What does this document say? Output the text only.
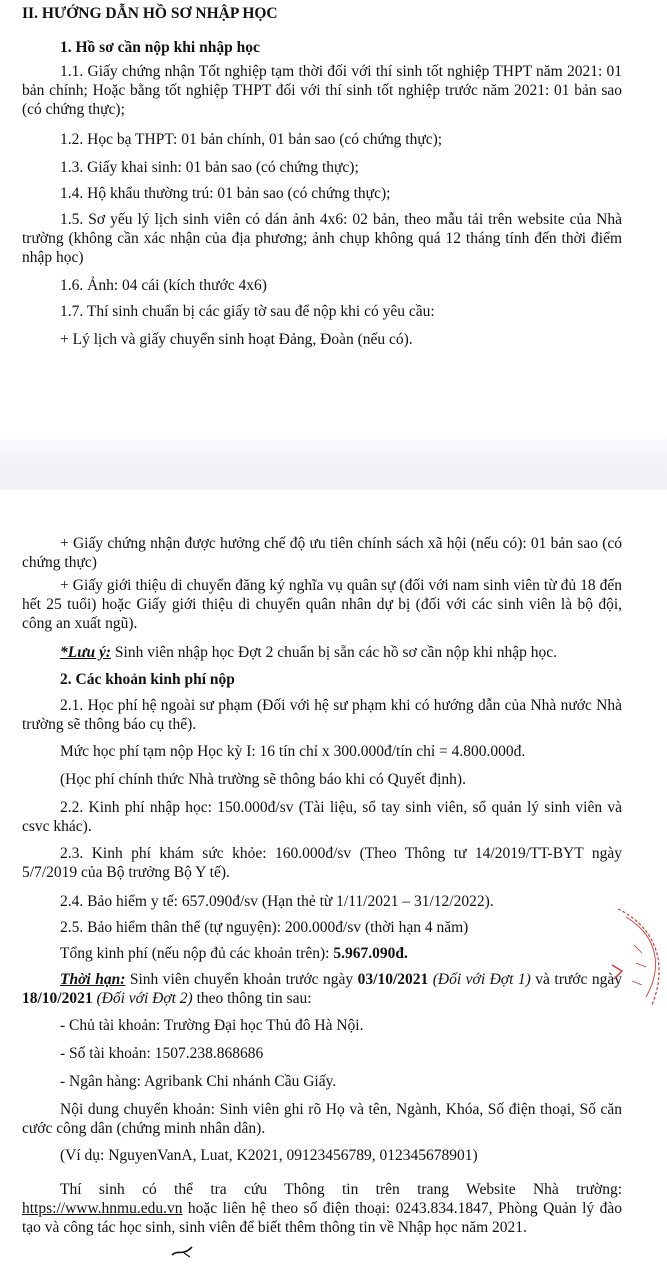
II. HƯỚNG DẪN HỒ SƠ NHẬP HỌC

1. Hồ sơ cần nộp khi nhập học

1.1. Giấy chứng nhận Tốt nghiệp tạm thời đối với thí sinh tốt nghiệp THPT năm 2021: 01 bản chính; Hoặc bằng tốt nghiệp THPT đối với thí sinh tốt nghiệp trước năm 2021: 01 bản sao (có chứng thực);

1.2. Học bạ THPT: 01 bản chính, 01 bản sao (có chứng thực);

1.3. Giấy khai sinh: 01 bản sao (có chứng thực);

1.4. Hộ khẩu thường trú: 01 bản sao (có chứng thực);

1.5. Sơ yếu lý lịch sinh viên có dán ảnh 4x6: 02 bản, theo mẫu tải trên website của Nhà trường (không cần xác nhận của địa phương; ảnh chụp không quá 12 tháng tính đến thời điểm nhập học)

1.6. Ảnh: 04 cái (kích thước 4x6)

1.7. Thí sinh chuẩn bị các giấy tờ sau để nộp khi có yêu cầu:

+ Lý lịch và giấy chuyển sinh hoạt Đảng, Đoàn (nếu có).

+ Giấy chứng nhận được hưởng chế độ ưu tiên chính sách xã hội (nếu có): 01 bản sao (có chứng thực)

+ Giấy giới thiệu di chuyển đăng ký nghĩa vụ quân sự (đối với nam sinh viên từ đủ 18 đến hết 25 tuổi) hoặc Giấy giới thiệu di chuyển quân nhân dự bị (đối với các sinh viên là bộ đội, công an xuất ngũ).

*Lưu ý: Sinh viên nhập học Đợt 2 chuẩn bị sẵn các hồ sơ cần nộp khi nhập học.

2. Các khoản kinh phí nộp

2.1. Học phí hệ ngoài sư phạm (Đối với hệ sư phạm khi có hướng dẫn của Nhà nước Nhà trường sẽ thông báo cụ thể).

Mức học phí tạm nộp Học kỳ I: 16 tín chỉ x 300.000đ/tín chỉ = 4.800.000đ.

(Học phí chính thức Nhà trường sẽ thông báo khi có Quyết định).

2.2. Kinh phí nhập học: 150.000đ/sv (Tài liệu, sổ tay sinh viên, sổ quản lý sinh viên và csvc khác).

2.3. Kinh phí khám sức khỏe: 160.000đ/sv (Theo Thông tư 14/2019/TT-BYT ngày 5/7/2019 của Bộ trưởng Bộ Y tế).

2.4. Bảo hiểm y tế: 657.090đ/sv (Hạn thẻ từ 1/11/2021 – 31/12/2022).

2.5. Bảo hiểm thân thể (tự nguyện): 200.000đ/sv (thời hạn 4 năm)

Tổng kinh phí (nếu nộp đủ các khoản trên): 5.967.090đ.

Thời hạn: Sinh viên chuyển khoản trước ngày 03/10/2021 (Đối với Đợt 1) và trước ngày 18/10/2021 (Đối với Đợt 2) theo thông tin sau:

- Chủ tài khoản: Trường Đại học Thủ đô Hà Nội.

- Số tài khoản: 1507.238.868686

- Ngân hàng: Agribank Chi nhánh Cầu Giấy.

Nội dung chuyển khoản: Sinh viên ghi rõ Họ và tên, Ngành, Khóa, Số điện thoại, Số căn cước công dân (chứng minh nhân dân).

(Ví dụ: NguyenVanA, Luat, K2021, 09123456789, 012345678901)

Thí sinh có thể tra cứu Thông tin trên trang Website Nhà trường: https://www.hnmu.edu.vn hoặc liên hệ theo số điện thoại: 0243.834.1847, Phòng Quản lý đào tạo và công tác học sinh, sinh viên để biết thêm thông tin về Nhập học năm 2021.
